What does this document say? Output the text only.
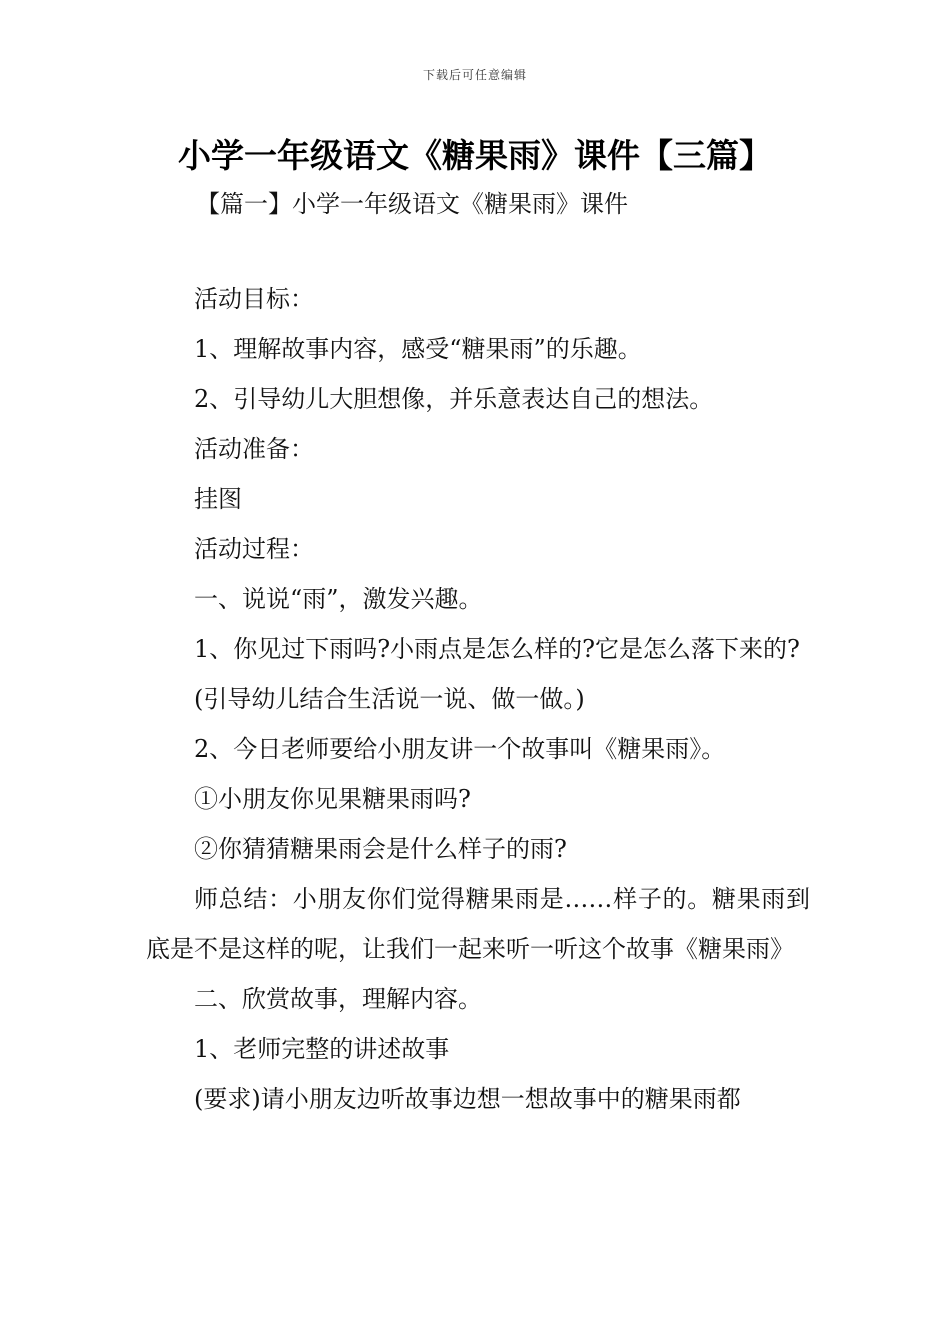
下载后可任意编辑
小学一年级语文《糖果雨》课件【三篇】
【篇一】小学一年级语文《糖果雨》课件

活动目标：

1、理解故事内容，感受“糖果雨”的乐趣。

2、引导幼儿大胆想像，并乐意表达自己的想法。

活动准备：

挂图

活动过程：

一、说说“雨”，激发兴趣。

1、你见过下雨吗?小雨点是怎么样的?它是怎么落下来的?

(引导幼儿结合生活说一说、做一做。)

2、今日老师要给小朋友讲一个故事叫《糖果雨》。

①小朋友你见果糖果雨吗?

②你猜猜糖果雨会是什么样子的雨?

师总结：小朋友你们觉得糖果雨是……样子的。糖果雨到底是不是这样的呢，让我们一起来听一听这个故事《糖果雨》

二、欣赏故事，理解内容。

1、老师完整的讲述故事

(要求)请小朋友边听故事边想一想故事中的糖果雨都
